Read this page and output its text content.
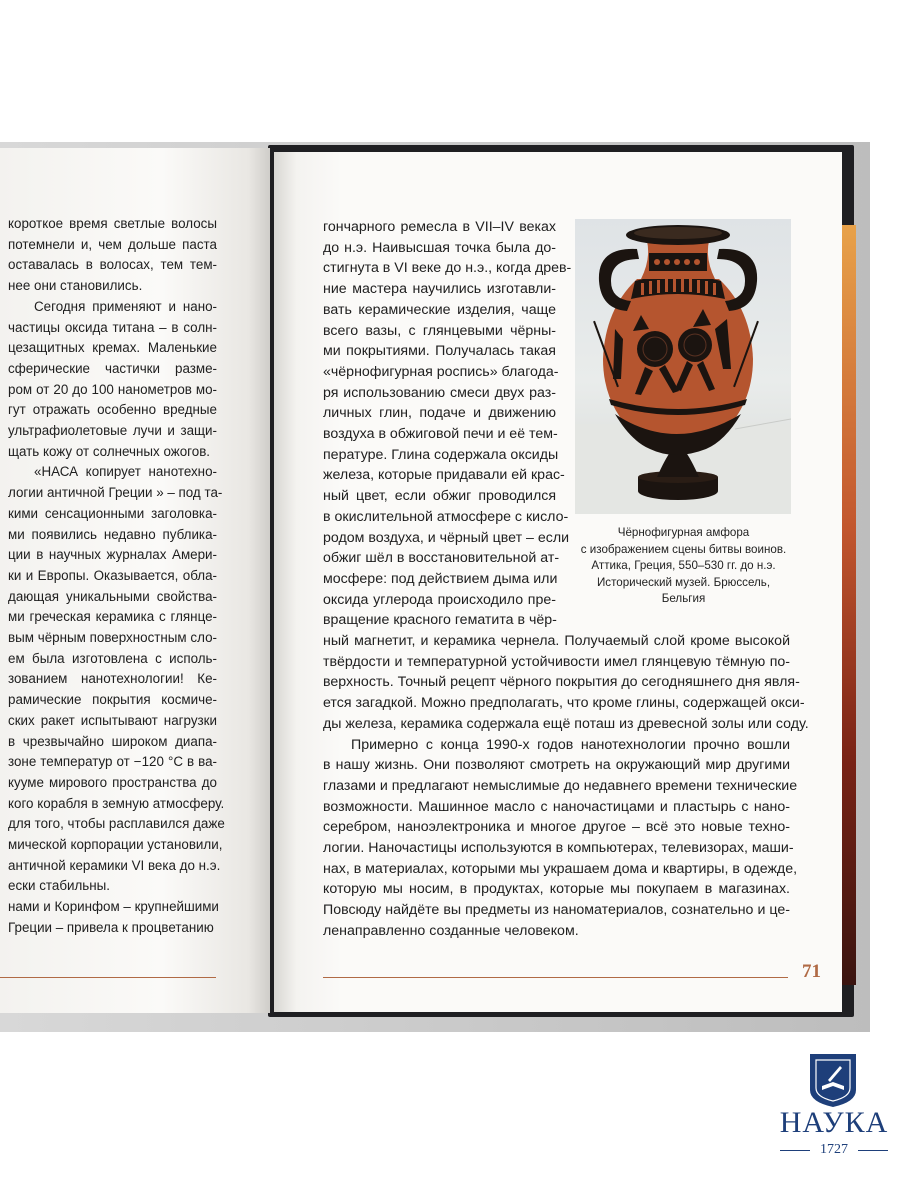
короткое время светлые волосы
потемнели и, чем дольше паста
оставалась в волосах, тем тем-
нее они становились.
Сегодня применяют и нано-
частицы оксида титана – в солн-
цезащитных кремах. Маленькие
сферические частички разме-
ром от 20 до 100 нанометров мо-
гут отражать особенно вредные
ультрафиолетовые лучи и защи-
щать кожу от солнечных ожогов.
«НАСА копирует нанотехно-
логии античной Греции » – под та-
кими сенсационными заголовка-
ми появились недавно публика-
ции в научных журналах Амери-
ки и Европы. Оказывается, обла-
дающая уникальными свойства-
ми греческая керамика с глянце-
вым чёрным поверхностным сло-
ем была изготовлена с исполь-
зованием нанотехнологии! Ке-
рамические покрытия космиче-
ских ракет испытывают нагрузки
в чрезвычайно широком диапа-
зоне температур от −120 °C в ва-
кууме мирового пространства до
кого корабля в земную атмосферу.
для того, чтобы расплавился даже
мической корпорации установили,
античной керамики VI века до н.э.
ески стабильны.
нами и Коринфом – крупнейшими
Греции – привела к процветанию
гончарного ремесла в VII–IV веках
до н.э. Наивысшая точка была до-
стигнута в VI веке до н.э., когда древ-
ние мастера научились изготавли-
вать керамические изделия, чаще
всего вазы, с глянцевыми чёрны-
ми покрытиями. Получалась такая
«чёрнофигурная роспись» благода-
ря использованию смеси двух раз-
личных глин, подаче и движению
воздуха в обжиговой печи и её тем-
пературе. Глина содержала оксиды
железа, которые придавали ей крас-
ный цвет, если обжиг проводился
в окислительной атмосфере с кисло-
родом воздуха, и чёрный цвет – если
обжиг шёл в восстановительной ат-
мосфере: под действием дыма или
оксида углерода происходило пре-
вращение красного гематита в чёр-
ный магнетит, и керамика чернела. Получаемый слой кроме высокой
твёрдости и температурной устойчивости имел глянцевую тёмную по-
верхность. Точный рецепт чёрного покрытия до сегодняшнего дня явля-
ется загадкой. Можно предполагать, что кроме глины, содержащей окси-
ды железа, керамика содержала ещё поташ из древесной золы или соду.
Примерно с конца 1990-х годов нанотехнологии прочно вошли
в нашу жизнь. Они позволяют смотреть на окружающий мир другими
глазами и предлагают немыслимые до недавнего времени технические
возможности. Машинное масло с наночастицами и пластырь с нано-
серебром, наноэлектроника и многое другое – всё это новые техно-
логии. Наночастицы используются в компьютерах, телевизорах, маши-
нах, в материалах, которыми мы украшаем дома и квартиры, в одежде,
которую мы носим, в продуктах, которые мы покупаем в магазинах.
Повсюду найдёте вы предметы из наноматериалов, сознательно и це-
ленаправленно созданные человеком.
Чёрнофигурная амфора
с изображением сцены битвы воинов.
Аттика, Греция, 550–530 гг. до н.э.
Исторический музей. Брюссель,
Бельгия
71
НАУКА
1727
